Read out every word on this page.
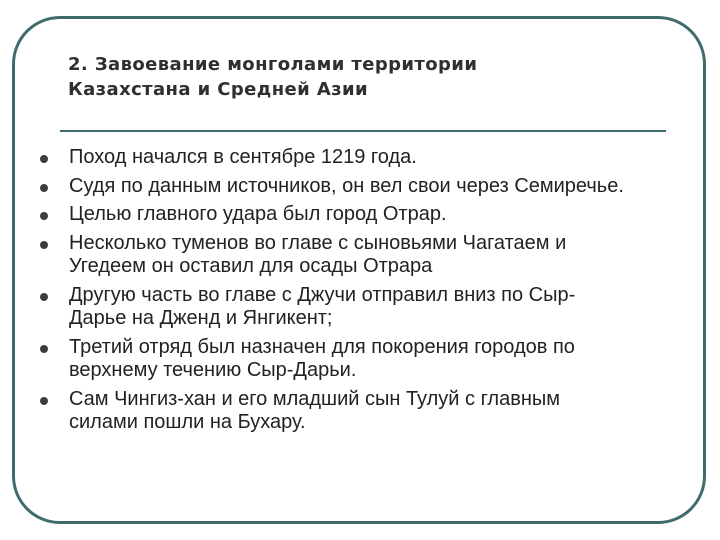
2. Завоевание монголами территории
Казахстана и Средней Азии
Поход начался в сентябре 1219 года.
Судя по данным источников, он вел свои через Семиречье.
Целью главного удара был город Отрар.
Несколько туменов во главе с сыновьями Чагатаем и
Угедеем он оставил для осады Отрара
Другую часть во главе с Джучи отправил вниз по Сыр-
Дарье на Дженд и Янгикент;
Третий отряд был назначен для покорения городов по
верхнему течению Сыр-Дарьи.
Сам Чингиз-хан и его младший сын Тулуй с главным
силами пошли на Бухару.
